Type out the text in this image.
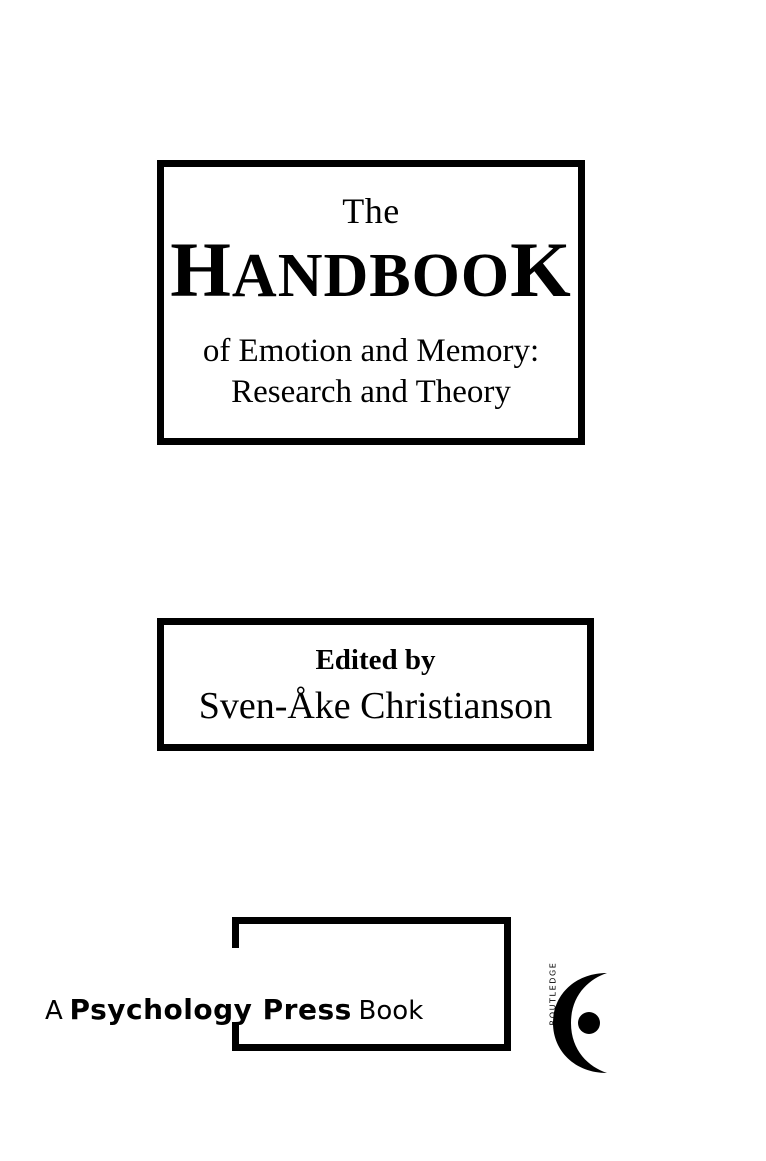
The
HANDBOOK
of Emotion and Memory:
Research and Theory
Edited by
Sven-Åke Christianson
A Psychology Press Book	ROUTLEDGE
